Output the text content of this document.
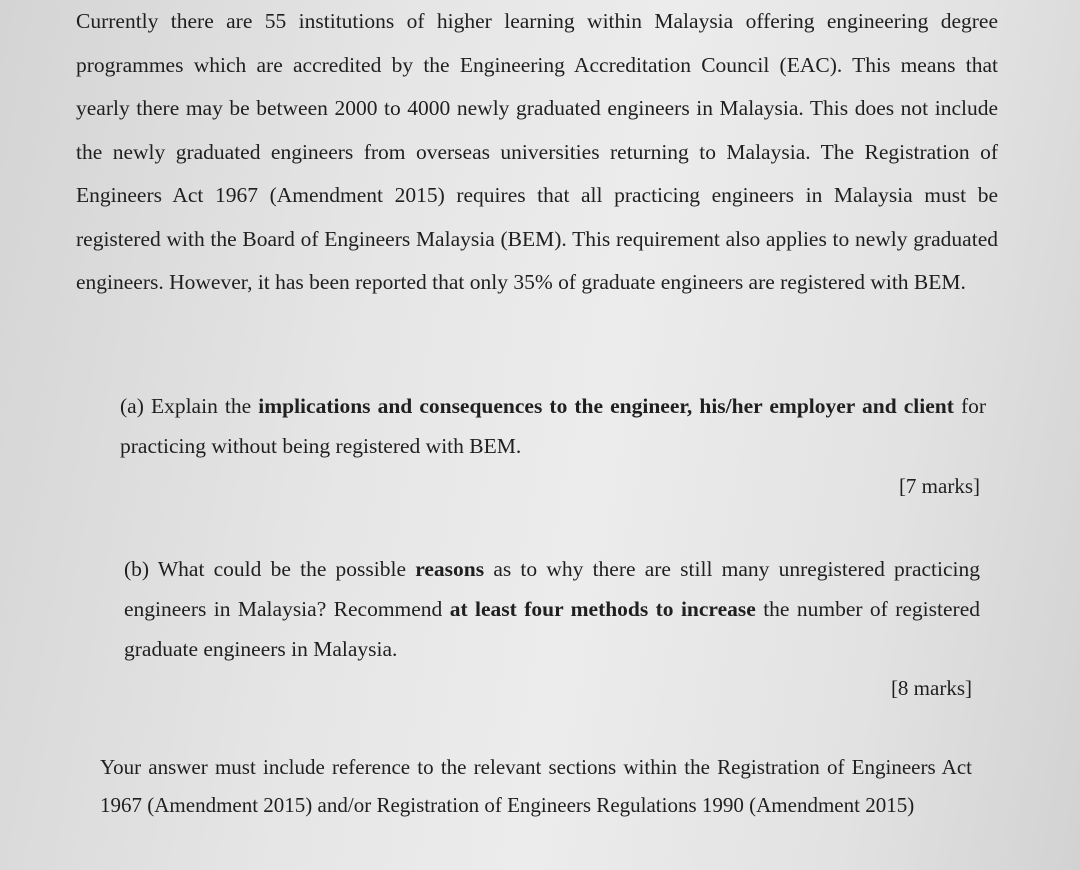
Currently there are 55 institutions of higher learning within Malaysia offering engineering degree programmes which are accredited by the Engineering Accreditation Council (EAC). This means that yearly there may be between 2000 to 4000 newly graduated engineers in Malaysia. This does not include the newly graduated engineers from overseas universities returning to Malaysia. The Registration of Engineers Act 1967 (Amendment 2015) requires that all practicing engineers in Malaysia must be registered with the Board of Engineers Malaysia (BEM). This requirement also applies to newly graduated engineers. However, it has been reported that only 35% of graduate engineers are registered with BEM.

(a) Explain the implications and consequences to the engineer, his/her employer and client for practicing without being registered with BEM.

[7 marks]

(b) What could be the possible reasons as to why there are still many unregistered practicing engineers in Malaysia? Recommend at least four methods to increase the number of registered graduate engineers in Malaysia.

[8 marks]

Your answer must include reference to the relevant sections within the Registration of Engineers Act 1967 (Amendment 2015) and/or Registration of Engineers Regulations 1990 (Amendment 2015)
